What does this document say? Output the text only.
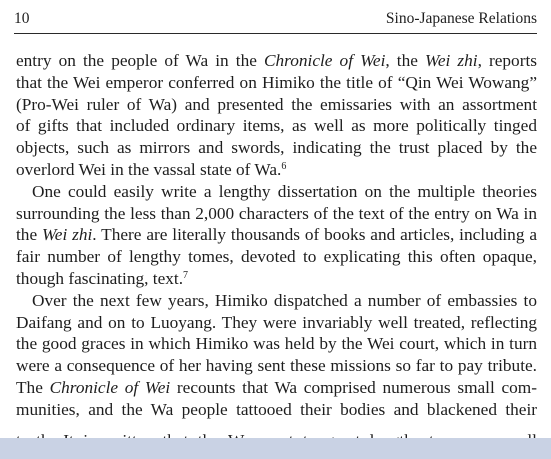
10	Sino-Japanese Relations
entry on the people of Wa in the Chronicle of Wei, the Wei zhi, reports
that the Wei emperor conferred on Himiko the title of “Qin Wei Wowang”
(Pro-Wei ruler of Wa) and presented the emissaries with an assortment
of gifts that included ordinary items, as well as more politically tinged
objects, such as mirrors and swords, indicating the trust placed by the
overlord Wei in the vassal state of Wa.$^6$
One could easily write a lengthy dissertation on the multiple theories
surrounding the less than 2,000 characters of the text of the entry on Wa in
the Wei zhi. There are literally thousands of books and articles, including a
fair number of lengthy tomes, devoted to explicating this often opaque,
though fascinating, text.$^7$
Over the next few years, Himiko dispatched a number of embassies to
Daifang and on to Luoyang. They were invariably well treated, reflecting
the good graces in which Himiko was held by the Wei court, which in turn
were a consequence of her having sent these missions so far to pay tribute.
The Chronicle of Wei recounts that Wa comprised numerous small com-
munities, and the Wa people tattooed their bodies and blackened their
